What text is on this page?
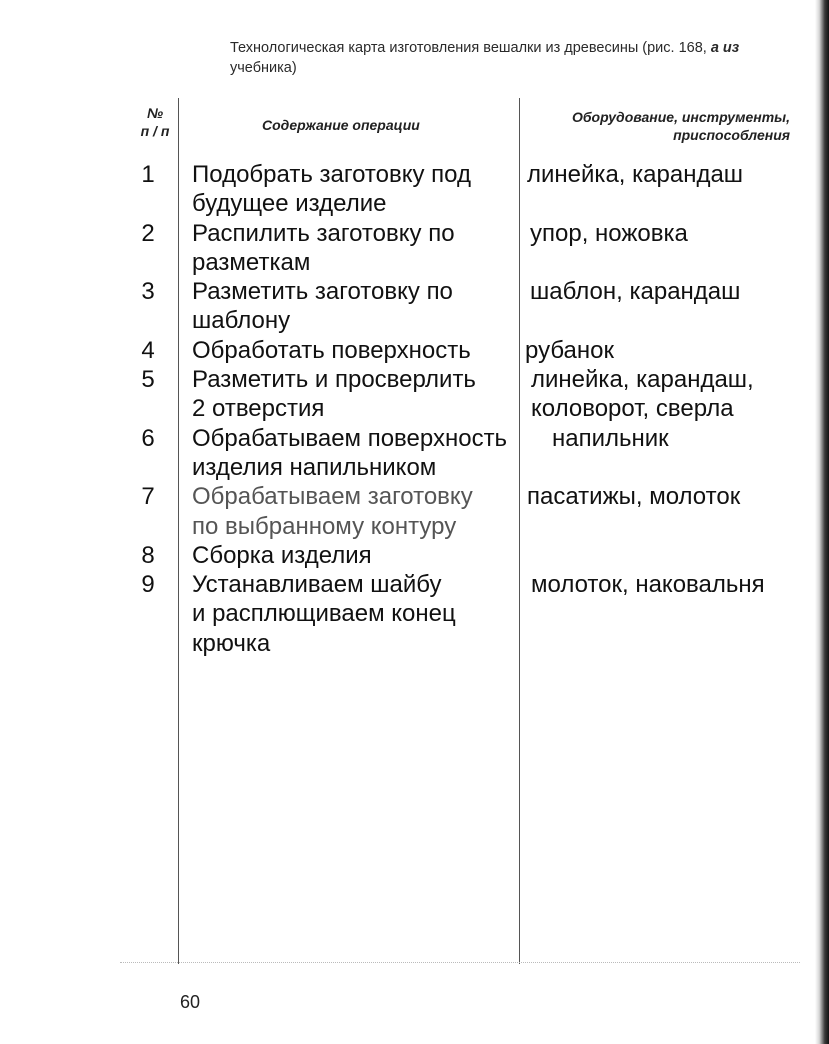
Технологическая карта изготовления вешалки из древесины (рис. 168, а из
учебника)
№
п / п	Содержание операции	Оборудование, инструменты,
приспособления
1 Подобрать заготовку под
будущее изделие
линейка, карандаш
2 Распилить заготовку по
разметкам
упор, ножовка
3 Разметить заготовку по
шаблону
шаблон, карандаш
4 Обработать поверхность рубанок
5 Разметить и просверлить
2 отверстия
линейка, карандаш,
коловорот, сверла
6 Обрабатываем поверхность
изделия напильником
напильник
7 Обрабатываем заготовку
по выбранному контуру
пасатижы, молоток
8 Сборка изделия
9 Устанавливаем шайбу
и расплющиваем конец
крючка
молоток, наковальня
60
